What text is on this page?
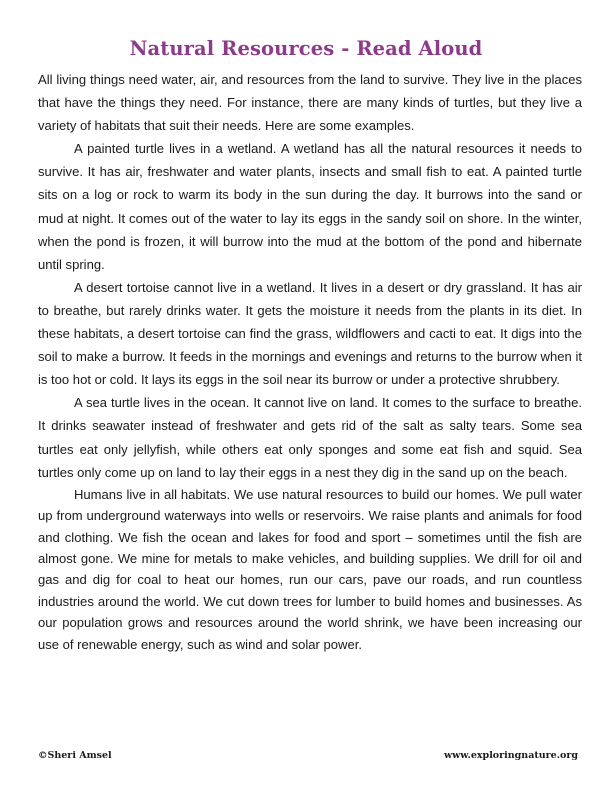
Natural Resources - Read Aloud

All living things need water, air, and resources from the land to survive. They live in the places that have the things they need. For instance, there are many kinds of turtles, but they live a variety of habitats that suit their needs. Here are some examples.

A painted turtle lives in a wetland. A wetland has all the natural resources it needs to survive. It has air, freshwater and water plants, insects and small fish to eat. A painted turtle sits on a log or rock to warm its body in the sun during the day. It burrows into the sand or mud at night. It comes out of the water to lay its eggs in the sandy soil on shore. In the winter, when the pond is frozen, it will burrow into the mud at the bottom of the pond and hibernate until spring.

A desert tortoise cannot live in a wetland. It lives in a desert or dry grassland. It has air to breathe, but rarely drinks water. It gets the moisture it needs from the plants in its diet. In these habitats, a desert tortoise can find the grass, wildflowers and cacti to eat. It digs into the soil to make a burrow. It feeds in the mornings and evenings and returns to the burrow when it is too hot or cold. It lays its eggs in the soil near its burrow or under a protective shrubbery.

A sea turtle lives in the ocean. It cannot live on land. It comes to the surface to breathe. It drinks seawater instead of freshwater and gets rid of the salt as salty tears. Some sea turtles eat only jellyfish, while others eat only sponges and some eat fish and squid. Sea turtles only come up on land to lay their eggs in a nest they dig in the sand up on the beach.

Humans live in all habitats. We use natural resources to build our homes. We pull water up from underground waterways into wells or reservoirs. We raise plants and animals for food and clothing. We fish the ocean and lakes for food and sport – sometimes until the fish are almost gone. We mine for metals to make vehicles, and building supplies. We drill for oil and gas and dig for coal to heat our homes, run our cars, pave our roads, and run countless industries around the world. We cut down trees for lumber to build homes and businesses. As our population grows and resources around the world shrink, we have been increasing our use of renewable energy, such as wind and solar power.

©Sheri Amsel	www.exploringnature.org
